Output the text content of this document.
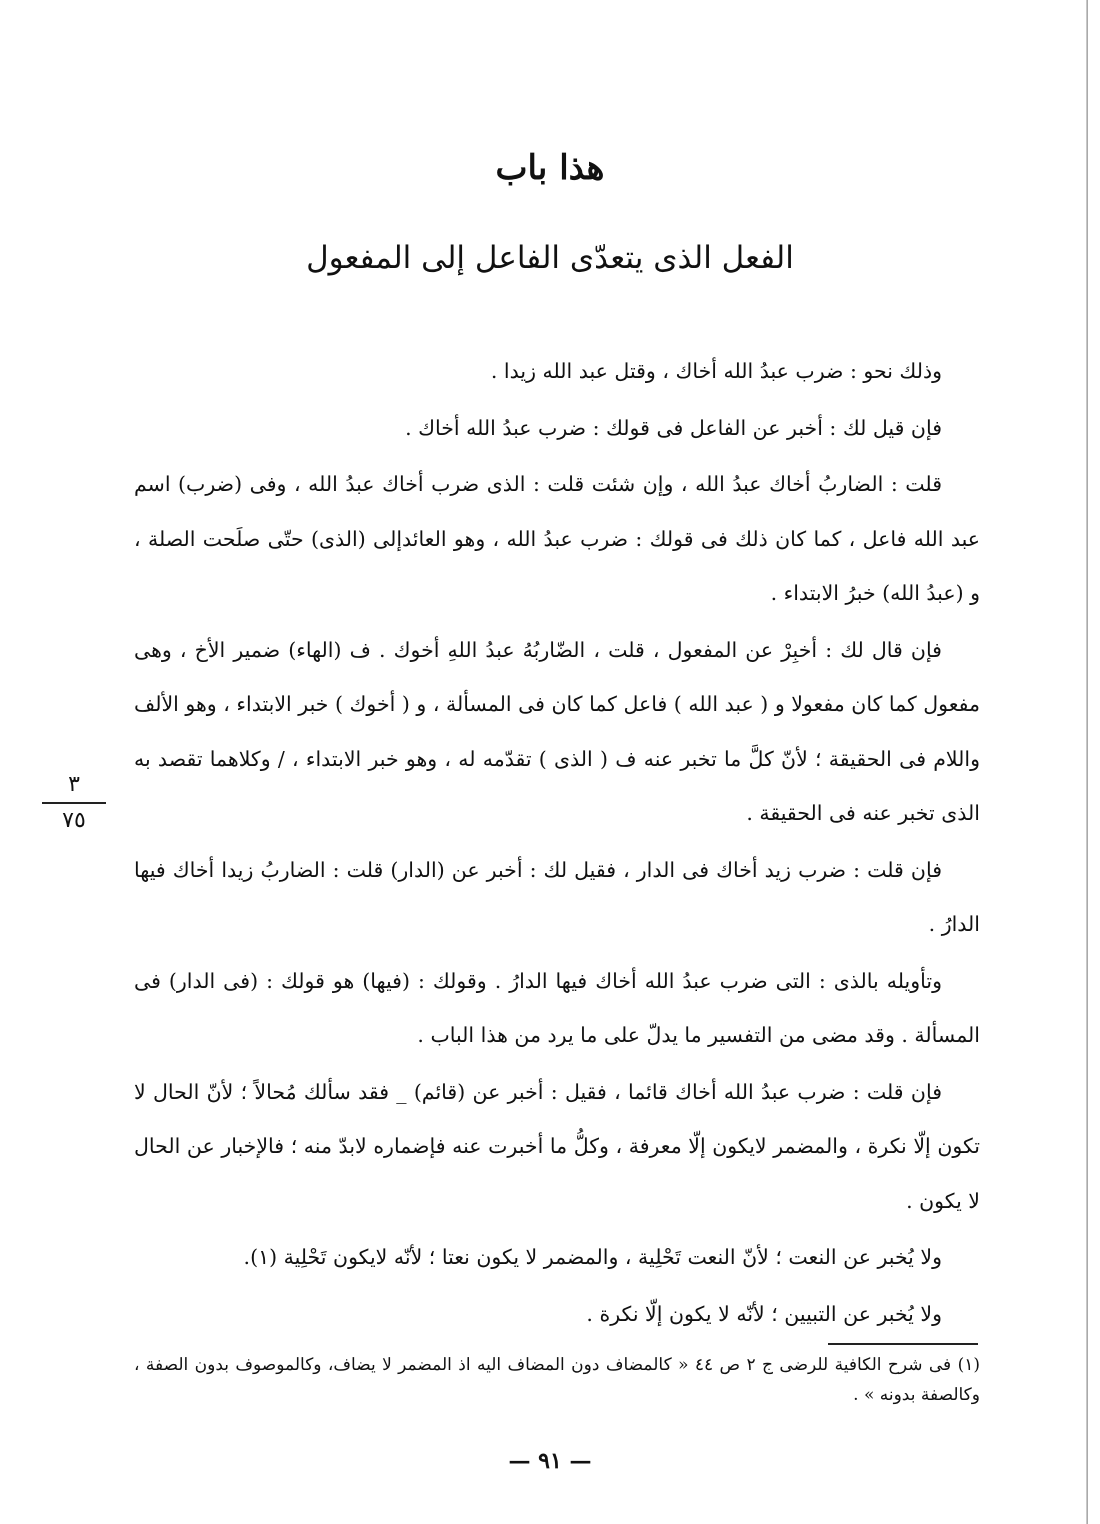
هذا باب
الفعل الذى يتعدّى الفاعل إلى المفعول

وذلك نحو : ضرب عبدُ الله أخاك ، وقتل عبد الله زيدا .

فإن قيل لك : أخبر عن الفاعل فى قولك : ضرب عبدُ الله أخاك .

قلت : الضاربُ أخاك عبدُ الله ، وإن شئت قلت : الذى ضرب أخاك عبدُ الله ، وفى (ضرب) اسم عبد الله فاعل ، كما كان ذلك فى قولك : ضرب عبدُ الله ، وهو العائدإلى (الذى) حتّى صلَحت الصلة ، و (عبدُ الله) خبرُ الابتداء .

فإن قال لك : أخبِرْ عن المفعول ، قلت ، الضّاربُهُ عبدُ اللهِ أخوك . ف (الهاء) ضمير الأخ ، وهى مفعول كما كان مفعولا و ( عبد الله ) فاعل كما كان فى المسألة ، و ( أخوك ) خبر الابتداء ، وهو الألف واللام فى الحقيقة ؛ لأنّ كلَّ ما تخبر عنه ف ( الذى ) تقدّمه له ، وهو خبر الابتداء ، / وكلاهما تقصد به الذى تخبر عنه فى الحقيقة .

فإن قلت : ضرب زيد أخاك فى الدار ، فقيل لك : أخبر عن (الدار) قلت : الضاربُ زيدا أخاك فيها الدارُ .

وتأويله بالذى : التى ضرب عبدُ الله أخاك فيها الدارُ . وقولك : (فيها) هو قولك : (فى الدار) فى المسألة . وقد مضى من التفسير ما يدلّ على ما يرد من هذا الباب .

فإن قلت : ضرب عبدُ الله أخاك قائما ، فقيل : أخبر عن (قائم) _ فقد سألك مُحالاً ؛ لأنّ الحال لا تكون إلّا نكرة ، والمضمر لايكون إلّا معرفة ، وكلُّ ما أخبرت عنه فإضماره لابدّ منه ؛ فالإخبار عن الحال لا يكون .

ولا يُخبر عن النعت ؛ لأنّ النعت تَحْلِية ، والمضمر لا يكون نعتا ؛ لأنّه لايكون تَحْلِية (١).

ولا يُخبر عن التبيين ؛ لأنّه لا يكون إلّا نكرة .

٣
٧٥

(١) فى شرح الكافية للرضى ج ٢ ص ٤٤ « كالمضاف دون المضاف اليه اذ المضمر لا يضاف، وكالموصوف بدون الصفة ، وكالصفة بدونه » .

— ٩١ —
